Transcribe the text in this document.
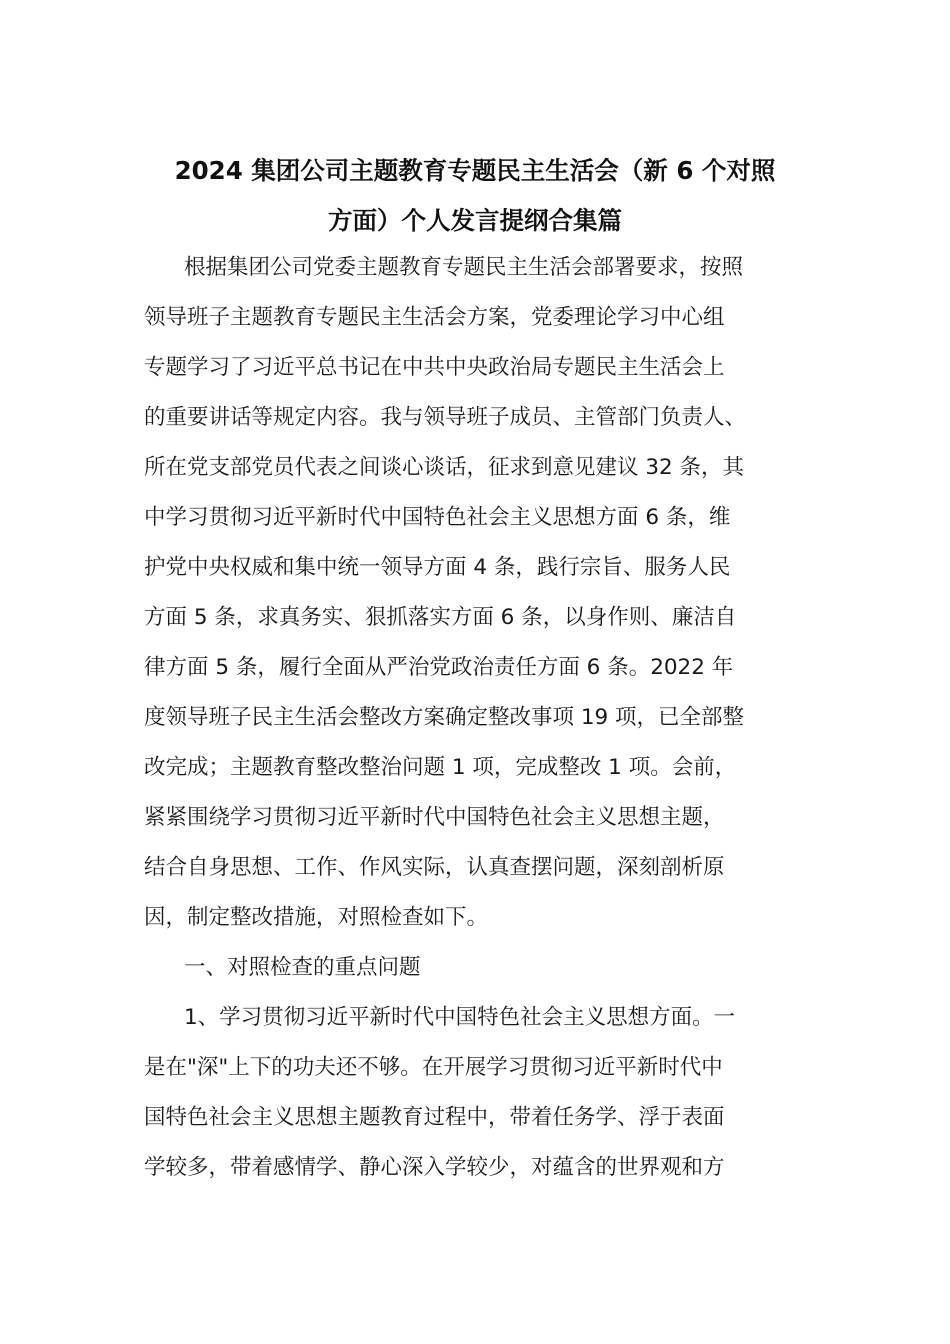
2024 集团公司主题教育专题民主生活会（新 6 个对照
方面）个人发言提纲合集篇
根据集团公司党委主题教育专题民主生活会部署要求，按照
领导班子主题教育专题民主生活会方案，党委理论学习中心组
专题学习了习近平总书记在中共中央政治局专题民主生活会上
的重要讲话等规定内容。我与领导班子成员、主管部门负责人、
所在党支部党员代表之间谈心谈话，征求到意见建议 32 条，其
中学习贯彻习近平新时代中国特色社会主义思想方面 6 条，维
护党中央权威和集中统一领导方面 4 条，践行宗旨、服务人民
方面 5 条，求真务实、狠抓落实方面 6 条，以身作则、廉洁自
律方面 5 条，履行全面从严治党政治责任方面 6 条。2022 年
度领导班子民主生活会整改方案确定整改事项 19 项，已全部整
改完成；主题教育整改整治问题 1 项，完成整改 1 项。会前，
紧紧围绕学习贯彻习近平新时代中国特色社会主义思想主题，
结合自身思想、工作、作风实际，认真查摆问题，深刻剖析原
因，制定整改措施，对照检查如下。
一、对照检查的重点问题
1、学习贯彻习近平新时代中国特色社会主义思想方面。一
是在"深"上下的功夫还不够。在开展学习贯彻习近平新时代中
国特色社会主义思想主题教育过程中，带着任务学、浮于表面
学较多，带着感情学、静心深入学较少，对蕴含的世界观和方
